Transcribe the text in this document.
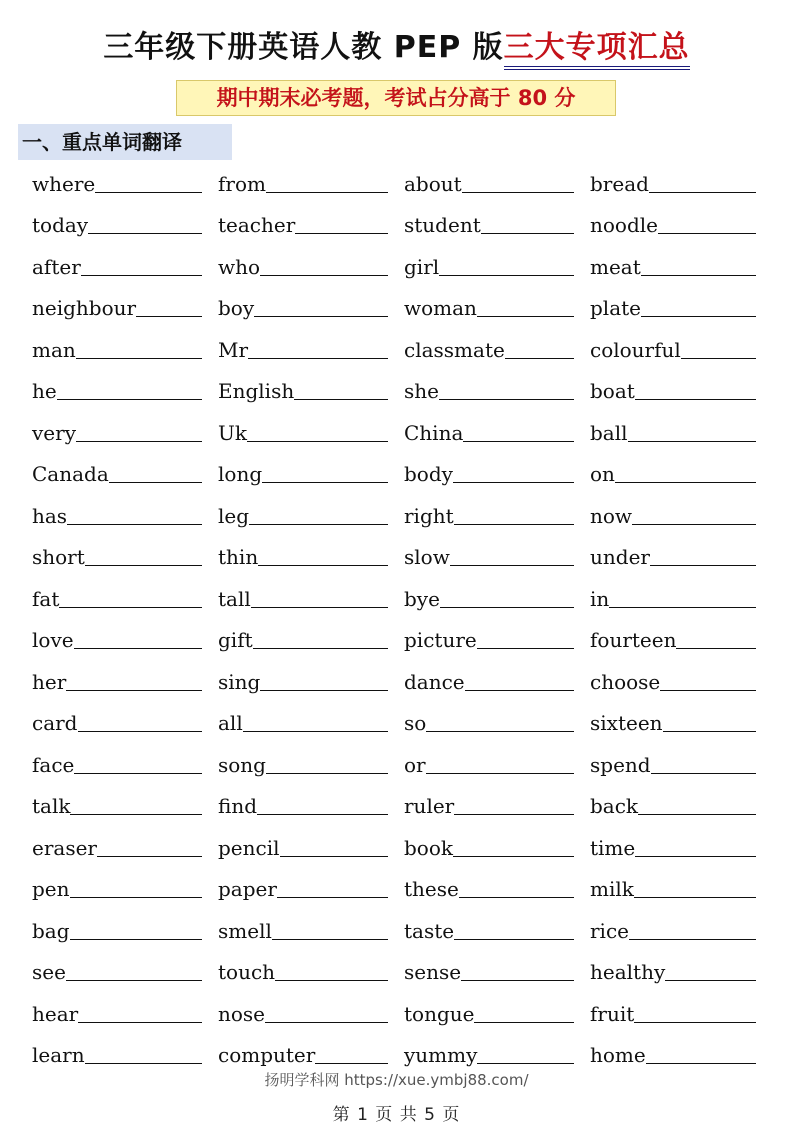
三年级下册英语人教 PEP 版三大专项汇总
期中期末必考题，考试占分高于 80 分
一、重点单词翻译
where	from	about	bread
today	teacher	student	noodle
after	who	girl	meat
neighbour	boy	woman	plate
man	Mr	classmate	colourful
he	English	she	boat
very	Uk	China	ball
Canada	long	body	on
has	leg	right	now
short	thin	slow	under
fat	tall	bye	in
love	gift	picture	fourteen
her	sing	dance	choose
card	all	so	sixteen
face	song	or	spend
talk	find	ruler	back
eraser	pencil	book	time
pen	paper	these	milk
bag	smell	taste	rice
see	touch	sense	healthy
hear	nose	tongue	fruit
learn	computer	yummy	home
扬明学科网 https://xue.ymbj88.com/
第 1 页 共 5 页
